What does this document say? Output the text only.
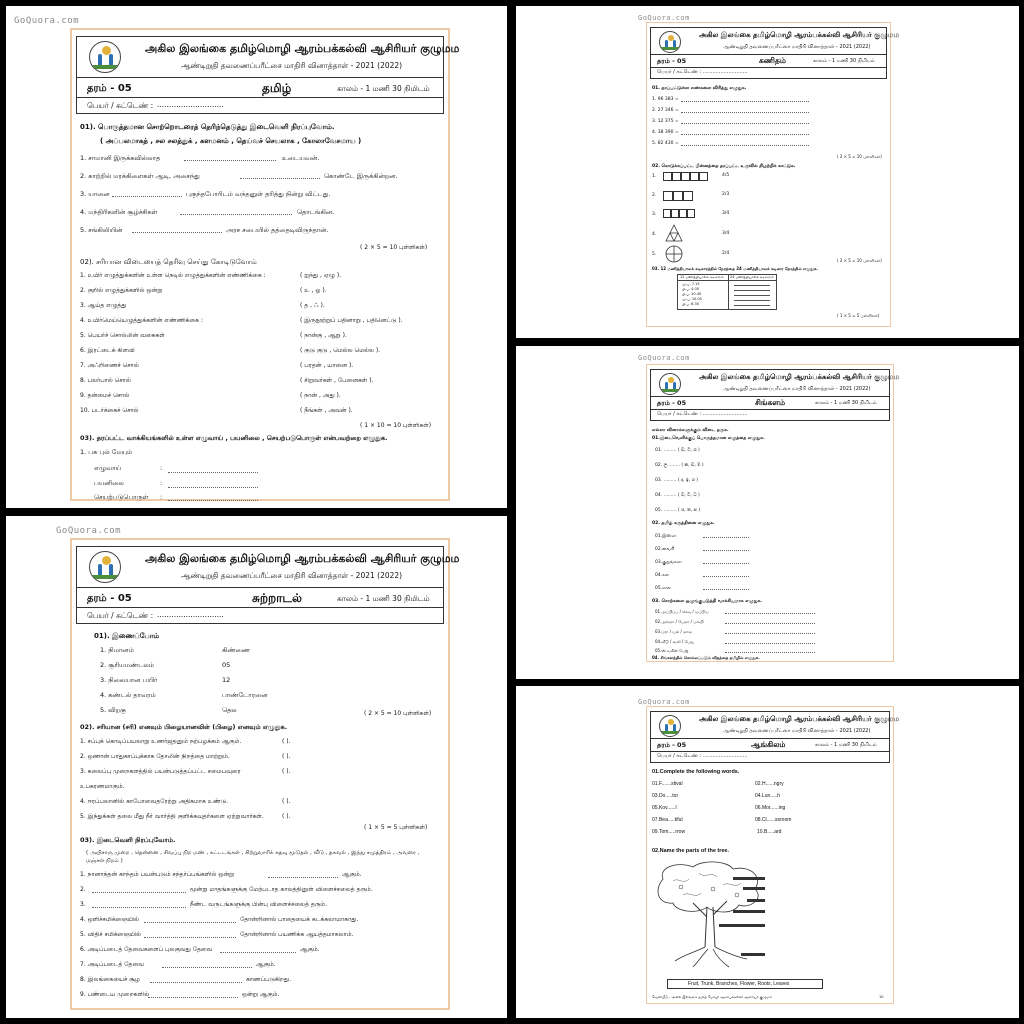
GoQuora.com
அகில இலங்கை தமிழ்மொழி ஆரம்பக்கல்வி ஆசிரியர் குழுமம
ஆண்டிறுதி தவணைப்பரீட்சை மாதிரி வினாத்தாள் - 2021 (2022)
தரம் - 05	தமிழ்	காலம் - 1 மணி 30 நிமிடம்
பெயர் / சுட்டெண் : ............................
01). பொருத்தமான சொற்றொடரைத் தெரிந்தெடுத்து இடைவெளி நிரப்புவோம்.
( அப்பலமாகத் , சல சலத்துக் , களமனம் , தெய்வச் செயலாக , கோலாவேசமாய )
1. சாமானி இருக்கவில்லாத	உடையவன்.
2. காற்றில் மரக்கிளைகள் ஆடி, அசைந்து	கொண்டே இருக்கின்றன.
3. யானை	புகுந்தபோரிடம் வந்தனுள் தரித்து நின்று விட்டது.
4. மந்திரிகளின் சூழ்ச்சிகள்	தொடங்கின.
5. சங்கிலியின்	அரச சபையில் தத்தைடிவிருந்தான்.
( 2 × 5 = 10 புள்ளிகள்)
02). சரியான விடையைத் தெரிவு செய்து கோடிடுவோம்
1. உயிர் எழுத்துக்களின் உள்ள நெடில் எழுத்துக்களின் எண்ணிக்கை :	( ஐந்து , ஏழு ).
2. குறில் எழுத்துக்களில் ஒன்று	( உ , ஓ ).
3. ஆய்த எழுத்து	( த , ஃ ).
4. உயிர்மெய்யெழுத்துக்களின் எண்ணிக்கை :	( இருநூற்றுப் பதினாறு , பதினெட்டு ).
5. பெயர்ச் சொல்லின் வகைகள்	( நான்கு , ஆறு ).
6. இரட்டைக் கிளவி	( குடு குடு , மெல்ல மெல்ல ).
7. அஃறிணைச் சொல்	( பரதன் , யானை ).
8. பலர்பால் சொல்	( சிறுவர்கள் , பேனைகள் ).
9. தன்மைச் சொல்	( நான் , அது ).
10. படர்க்கைச் சொல்	( நீங்கள் , அவன் ).
( 1 × 10 = 10 புள்ளிகள்)
03). தரப்பட்ட வாக்கியங்களில் உள்ள எழுவாய் , பயனிலை , செயற்படுபொருள் என்பவற்றை எழுதுக.
1. பசு புல் மேயும்
எழுவாய்	:
பயனிலை	:
செயற்படுபொருள் :
GoQuora.com
அகில இலங்கை தமிழ்மொழி ஆரம்பக்கல்வி ஆசிரியர் குழுமம
ஆண்டிறுதி தவணைப்பரீட்சை மாதிரி வினாத்தாள் - 2021 (2022)
தரம் - 05	கணிதம்	காலம் - 1 மணி 30 நிமிடம்
பெயர் / சுட்டெண் : ............................
01. தரப்பட்டுள்ள எண்களை விரித்து எழுதுக.
1. 96 383 =
2. 27 346 =
3. 12 375 =
4. 38 390 =
5. 82 430 =
( 2 × 5 = 10 புள்ளிகள்)
02. கொடுக்கப்பட்ட பின்னத்தை தரப்பட்ட உருவில் நிழற்றிக் காட்டுக.
1.	4/5
2.	2/3
3.	3/4
4.	3/4
5.	2/4
( 2 × 5 = 10 புள்ளிகள்)
03. 12 மணித்தியாலக் கடிகாரத்தில் நேரத்தை 24 மணித்தியாலக் கடிகார நேரத்தில் எழுதுக.
12 மணித்தியாலக் கடிகாரம் 24 மணித்தியாலக் கடிகாரம்
மு.ப. 7.15
பி.ப. 4.00
பி.ப. 10.45
மு.ப. 10.05
பி.ப. 6.30
( 1 × 5 = 5 புள்ளிகள்)
GoQuora.com
அகில இலங்கை தமிழ்மொழி ஆரம்பக்கல்வி ஆசிரியர் குழுமம
ஆண்டிறுதி தவணைப்பரீட்சை மாதிரி வினாத்தாள் - 2021 (2022)
தரம் - 05	சிங்களம்	காலம் - 1 மணி 30 நிமிடம்
பெயர் / சுட்டெண் : ............................
எல்லா வினாக்களுக்கும் விடை தருக.
01.இடைவெளிக்குப் பொருத்தமான எழுத்தை எழுதுக.
01. ......... ( ඩ, ට, ශ )
02. ල......... ( ක, ඩ, ම )
03. ......... ( ද, ඉ, ශ )
04. ......... ( ව, ට, ධ )
05. ......... ( ශ, ත, ස )
02. தமிழ் கருத்தினை எழுதுக.
01.இஸ்ஸ
02.வைசி
03.குறுங்கஸ
04.கல
05.ஸல
03. சொற்களை ஒழுங்குபடுத்தி வாக்கியமாக எழுதுக.
01.அப்பிப்ப / கெடி / யப்பிய
02.அம்மா / பேமா / பலயி
03.ப்ரா / யல் / மாவ
04.வீடு / வலி / பேஜ
05.ஸ் வகின் பேஜ்
04. சிங்களத்தில் சொல்லப்படும் விதத்தை தமிழில் எழுதுக.
GoQuora.com
அகில இலங்கை தமிழ்மொழி ஆரம்பக்கல்வி ஆசிரியர் குழுமம
ஆண்டிறுதி தவணைப்பரீட்சை மாதிரி வினாத்தாள் - 2021 (2022)
தரம் - 05	சுற்றாடல்	காலம் - 1 மணி 30 நிமிடம்
பெயர் / சுட்டெண் : ............................
01). இணைப்போம்
1. நிமானம்	கிண்ணை
2. சூரியமண்டலம்	05
3. நிலையான பயிர்	12
4. கண்டல் தாவரம்	பாண்டோரனை
5. விறகு	தெல	( 2 × 5 = 10 புள்ளிகள்)
02). சரியான (சரி) எனவும் பிழையானவிள் (பிழை) எனவும் எழுதுக.
1. சப்புக் கொடிப்பயலாறு உணர்ஜதனும் நற்பழக்கம் ஆகும்.	( ).
2. ஒணான் பாதுகாப்புக்காக தோலின் நிறத்தை மாற்றும்.	( ).
3. கலைப்பு முறைகளத்தில் பயன்படுத்தப்பட்ட சமைபவுரை	( ).
உபகரணமாகும்.
4. ஈரப்பலானில் காபோவைதரேற்று அதிகமாக உண்டு.	( ).
5. இந்துக்கள் தலை மீது நீர் வார்த்தி குளிக்கவுதர்களை ஏற்றுவார்கள்.	( ).
( 1 × 5 = 5 புள்ளிகள்)
03). இடைவெளி நிரப்புவோம்.
( அயிசாரு முறை , தென்னை , சிவப்பு நிற மண் , கட்டடங்கள் , சிற்றுவாரிக் கதவு மூடுதல் , வீடு , தகவல் , இந்து சமுத்திரம் , அவரை , மஞ்சள் நிறம் )
1. நானாந்தன் காந்தம் பயன்படும் சந்தர்ப்பங்களில் ஒன்று	ஆகும்.
2.	மூன்று மாதங்களுக்கு மேற்படாத காலத்தினுள் விளைச்சலைத் தரும்.
3.	நீண்ட வருடங்களுக்கு பின்பு விளைச்சலைத் தரும்.
4. ஒளிச்சமிக்ஞையில்	தோன்றினால் பாதையைக் கடக்கலாமாகாது.
5. விதிச் சமிக்ஞையில்	தோன்றினால் பயணிக்க ஆயத்தமாகலாம்.
6. அடிப்படைத் தேவைகளைப் புலகுவது தேவை	ஆகும்.
7. அடிப்படைத் தேவை	ஆகும்.
8. இலங்கையைச் சூழ	காணப்படுகிறது.
9. பண்டைய முறைகளில்	ஒன்று ஆகும்.
GoQuora.com
அகில இலங்கை தமிழ்மொழி ஆரம்பக்கல்வி ஆசிரியர் குழுமம
ஆண்டிறுதி தவணைப்பரீட்சை மாதிரி வினாத்தாள் - 2021 (2022)
தரம் - 05	ஆங்கிலம்	காலம் - 1 மணி 30 நிமிடம்
பெயர் / சுட்டெண் : ............................
01.Complete the following words.
01.F.......stival	02.H......ngry
03.Do.....tor	04.Lun.....h
05.Kov......l	06.Mor......ing
07.Bea.....tiful	08.Cl......ssroom
09.Tom.....rrow	10.B.....ard
02.Name the parts of the tree.
Fruit, Trunk, Branches, Flower, Roots, Leaves
வெளியீடு - அகில இலங்கை தமிழ் மொழி ஆரம்பக்கல்வி ஆசிரியர் குழுமம்	10
